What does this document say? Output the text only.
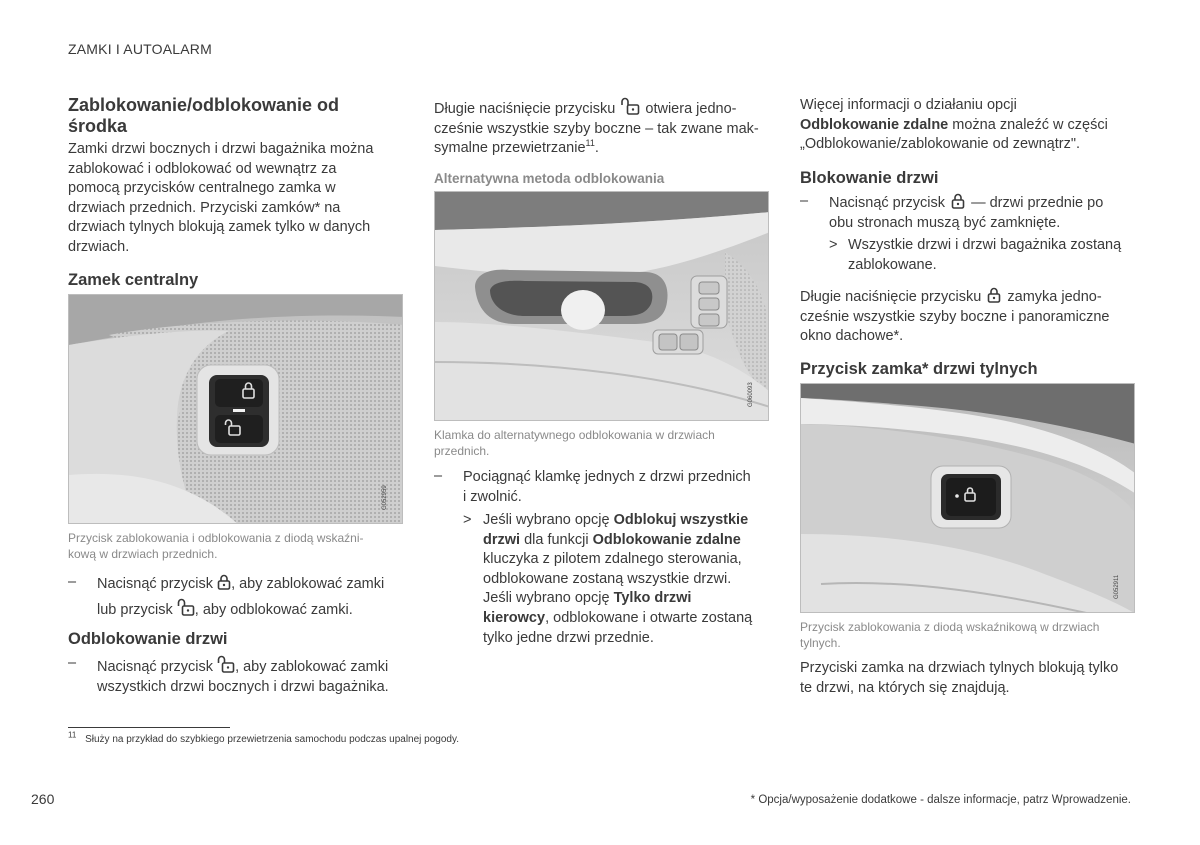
ZAMKI I AUTOALARM
Zablokowanie/odblokowanie od
środka
Zamki drzwi bocznych i drzwi bagażnika można
zablokować i odblokować od wewnątrz za
pomocą przycisków centralnego zamka w
drzwiach przednich. Przyciski zamków* na
drzwiach tylnych blokują zamek tylko w danych
drzwiach.
Zamek centralny
G052959
Przycisk zablokowania i odblokowania z diodą wskaźni-
kową w drzwiach przednich.
– Nacisnąć przycisk , aby zablokować zamki
lub przycisk , aby odblokować zamki.
Odblokowanie drzwi
– Nacisnąć przycisk , aby zablokować zamki
wszystkich drzwi bocznych i drzwi bagażnika.
Długie naciśnięcie przycisku otwiera jedno-
cześnie wszystkie szyby boczne – tak zwane mak-
symalne przewietrzanie$^{11}$.
Alternatywna metoda odblokowania
G060093
Klamka do alternatywnego odblokowania w drzwiach
przednich.
– Pociągnąć klamkę jednych z drzwi przednich
i zwolnić.
> Jeśli wybrano opcję Odblokuj wszystkie
drzwi dla funkcji Odblokowanie zdalne
kluczyka z pilotem zdalnego sterowania,
odblokowane zostaną wszystkie drzwi.
Jeśli wybrano opcję Tylko drzwi
kierowcy, odblokowane i otwarte zostaną
tylko jedne drzwi przednie.
Więcej informacji o działaniu opcji
Odblokowanie zdalne można znaleźć w części
„Odblokowanie/zablokowanie od zewnątrz".
Blokowanie drzwi
– Nacisnąć przycisk — drzwi przednie po
obu stronach muszą być zamknięte.
> Wszystkie drzwi i drzwi bagażnika zostaną
zablokowane.
Długie naciśnięcie przycisku zamyka jedno-
cześnie wszystkie szyby boczne i panoramiczne
okno dachowe*.
Przycisk zamka* drzwi tylnych
G052911
Przycisk zablokowania z diodą wskaźnikową w drzwiach
tylnych.
Przyciski zamka na drzwiach tylnych blokują tylko
te drzwi, na których się znajdują.
$^{11}$ Służy na przykład do szybkiego przewietrzenia samochodu podczas upalnej pogody.
260	* Opcja/wyposażenie dodatkowe - dalsze informacje, patrz Wprowadzenie.
